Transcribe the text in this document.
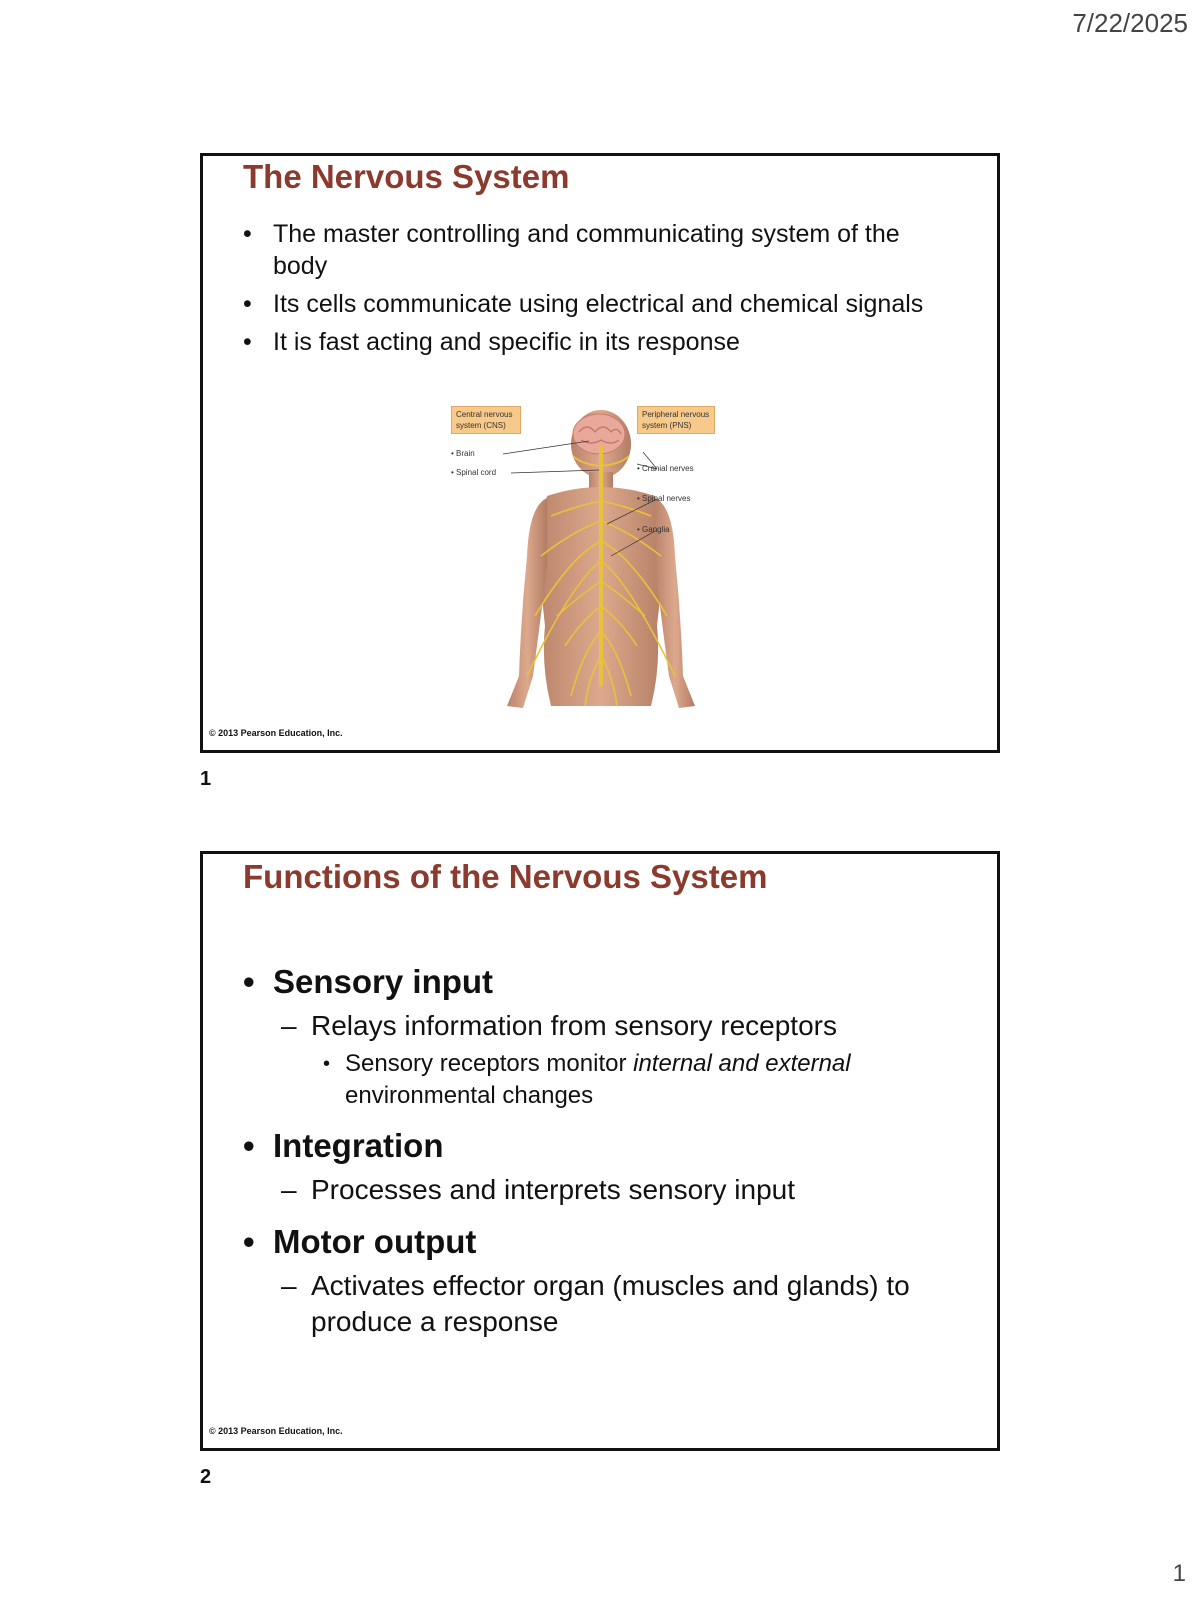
7/22/2025
The Nervous System
• The master controlling and communicating system of the body
• Its cells communicate using electrical and chemical signals
• It is fast acting and specific in its response
Central nervous system (CNS)
Peripheral nervous system (PNS)
• Brain
• Spinal cord	• Cranial nerves
• Spinal nerves
• Ganglia
© 2013 Pearson Education, Inc.
1
Functions of the Nervous System
• Sensory input
– Relays information from sensory receptors
• Sensory receptors monitor internal and external environmental changes
• Integration
– Processes and interprets sensory input
• Motor output
– Activates effector organ (muscles and glands) to produce a response
© 2013 Pearson Education, Inc.
2
1
